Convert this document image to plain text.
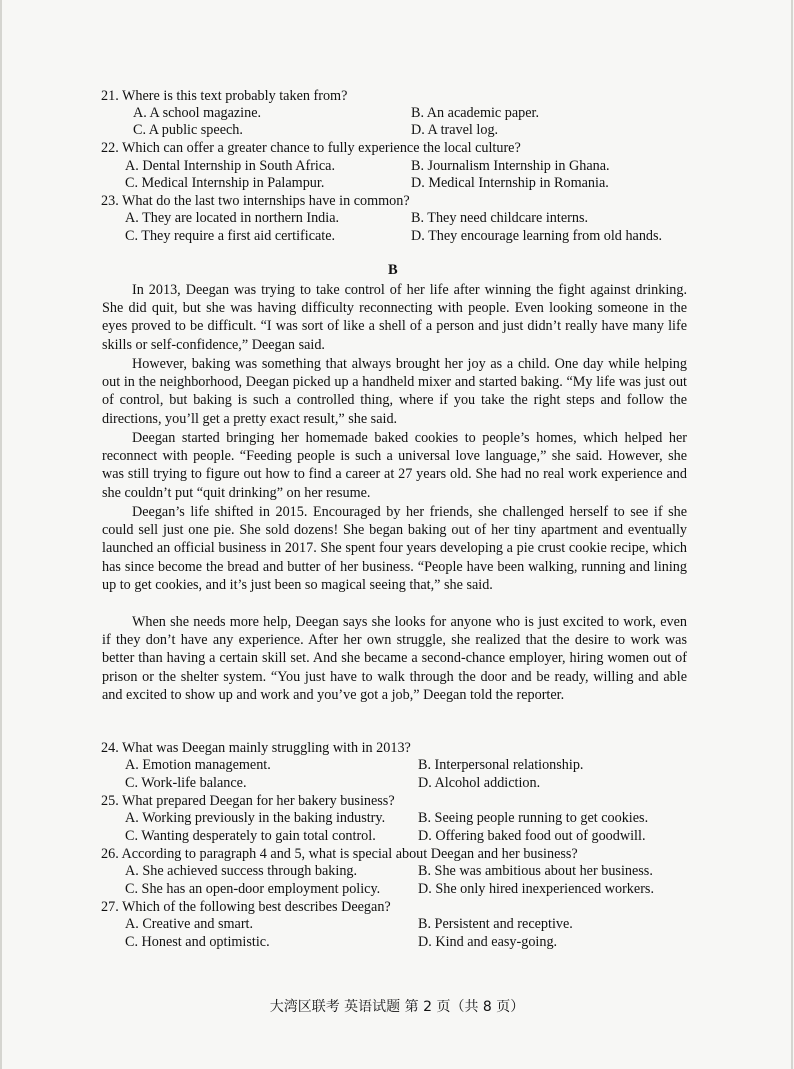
21. Where is this text probably taken from?
A. A school magazine.	B. An academic paper.
C. A public speech.	D. A travel log.
22. Which can offer a greater chance to fully experience the local culture?
A. Dental Internship in South Africa.	B. Journalism Internship in Ghana.
C. Medical Internship in Palampur.	D. Medical Internship in Romania.
23. What do the last two internships have in common?
A. They are located in northern India.	B. They need childcare interns.
C. They require a first aid certificate.	D. They encourage learning from old hands.
B
In 2013, Deegan was trying to take control of her life after winning the fight against drinking. She did quit, but she was having difficulty reconnecting with people. Even looking someone in the eyes proved to be difficult. “I was sort of like a shell of a person and just didn’t really have many life skills or self-confidence,” Deegan said.
However, baking was something that always brought her joy as a child. One day while helping out in the neighborhood, Deegan picked up a handheld mixer and started baking. “My life was just out of control, but baking is such a controlled thing, where if you take the right steps and follow the directions, you’ll get a pretty exact result,” she said.
Deegan started bringing her homemade baked cookies to people’s homes, which helped her reconnect with people. “Feeding people is such a universal love language,” she said. However, she was still trying to figure out how to find a career at 27 years old. She had no real work experience and she couldn’t put “quit drinking” on her resume.
Deegan’s life shifted in 2015. Encouraged by her friends, she challenged herself to see if she could sell just one pie. She sold dozens! She began baking out of her tiny apartment and eventually launched an official business in 2017. She spent four years developing a pie crust cookie recipe, which has since become the bread and butter of her business. “People have been walking, running and lining up to get cookies, and it’s just been so magical seeing that,” she said.
When she needs more help, Deegan says she looks for anyone who is just excited to work, even if they don’t have any experience. After her own struggle, she realized that the desire to work was better than having a certain skill set. And she became a second-chance employer, hiring women out of prison or the shelter system. “You just have to walk through the door and be ready, willing and able and excited to show up and work and you’ve got a job,” Deegan told the reporter.
24. What was Deegan mainly struggling with in 2013?
A. Emotion management.	B. Interpersonal relationship.
C. Work-life balance.	D. Alcohol addiction.
25. What prepared Deegan for her bakery business?
A. Working previously in the baking industry. B. Seeing people running to get cookies.
C. Wanting desperately to gain total control.	D. Offering baked food out of goodwill.
26. According to paragraph 4 and 5, what is special about Deegan and her business?
A. She achieved success through baking.	B. She was ambitious about her business.
C. She has an open-door employment policy.	D. She only hired inexperienced workers.
27. Which of the following best describes Deegan?
A. Creative and smart.	B. Persistent and receptive.
C. Honest and optimistic.	D. Kind and easy-going.
大湾区联考 英语试题 第 2 页（共 8 页）
